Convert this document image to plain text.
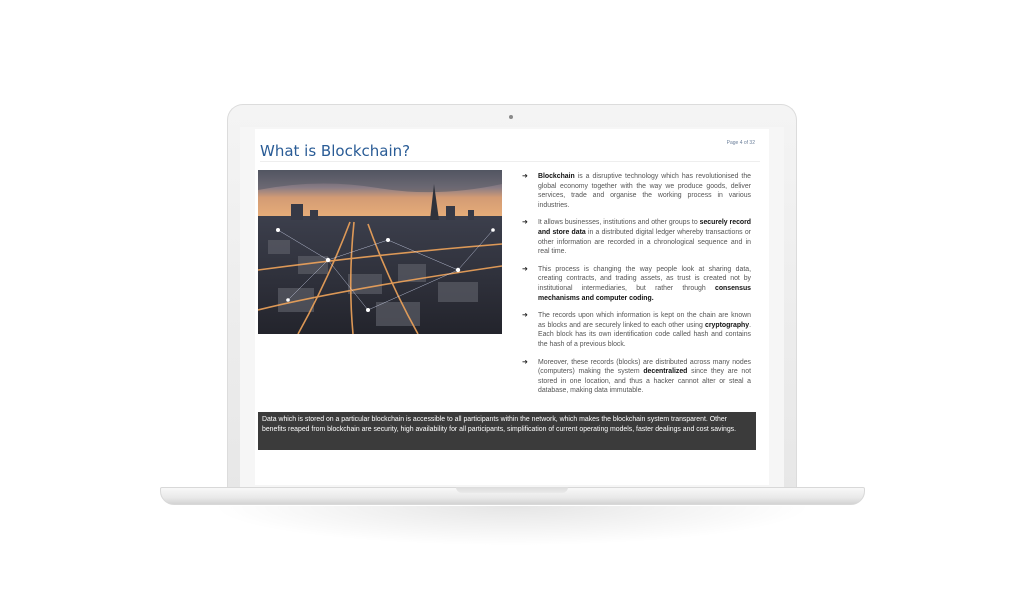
What is Blockchain?	Page 4 of 32
➜ Blockchain is a disruptive technology which has revolutionised the global economy together with the way we produce goods, deliver services, trade and organise the working process in various industries.
➜ It allows businesses, institutions and other groups to securely record and store data in a distributed digital ledger whereby transactions or other information are recorded in a chronological sequence and in real time.
➜ This process is changing the way people look at sharing data, creating contracts, and trading assets, as trust is created not by institutional intermediaries, but rather through consensus mechanisms and computer coding.
➜ The records upon which information is kept on the chain are known as blocks and are securely linked to each other using cryptography. Each block has its own identification code called hash and contains the hash of a previous block.
➜ Moreover, these records (blocks) are distributed across many nodes (computers) making the system decentralized since they are not stored in one location, and thus a hacker cannot alter or steal a database, making data immutable.
Data which is stored on a particular blockchain is accessible to all participants within the network, which makes the blockchain system transparent. Other benefits reaped from blockchain are security, high availability for all participants, simplification of current operating models, faster dealings and cost savings.
